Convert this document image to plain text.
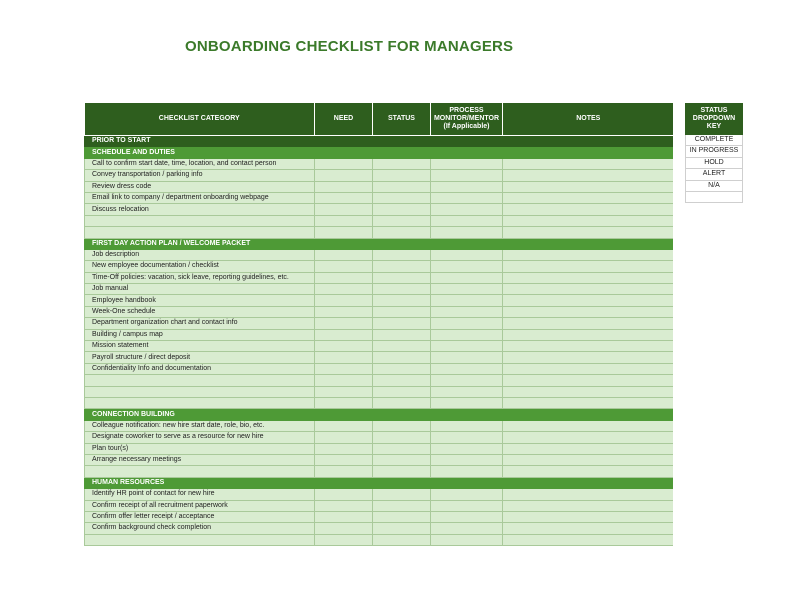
ONBOARDING CHECKLIST FOR MANAGERS
CHECKLIST CATEGORY	NEED	STATUS	PROCESS MONITOR/MENTOR (If Applicable)	NOTES
PRIOR TO START				
SCHEDULE AND DUTIES				
Call to confirm start date, time, location, and contact person				
Convey transportation / parking info				
Review dress code				
Email link to company / department onboarding webpage				
Discuss relocation				

FIRST DAY ACTION PLAN / WELCOME PACKET				
Job description				
New employee documentation / checklist				
Time-Off policies: vacation, sick leave, reporting guidelines, etc.				
Job manual				
Employee handbook				
Week-One schedule				
Department organization chart and contact info				
Building / campus map				
Mission statement				
Payroll structure / direct deposit				
Confidentiality Info and documentation				

CONNECTION BUILDING				
Colleague notification: new hire start date, role, bio, etc.				
Designate coworker to serve as a resource for new hire				
Plan tour(s)				
Arrange necessary meetings				

HUMAN RESOURCES				
Identify HR point of contact for new hire				
Confirm receipt of all recruitment paperwork				
Confirm offer letter receipt / acceptance				
Confirm background check completion				

STATUS DROPDOWN KEY
COMPLETE
IN PROGRESS
HOLD
ALERT
N/A
